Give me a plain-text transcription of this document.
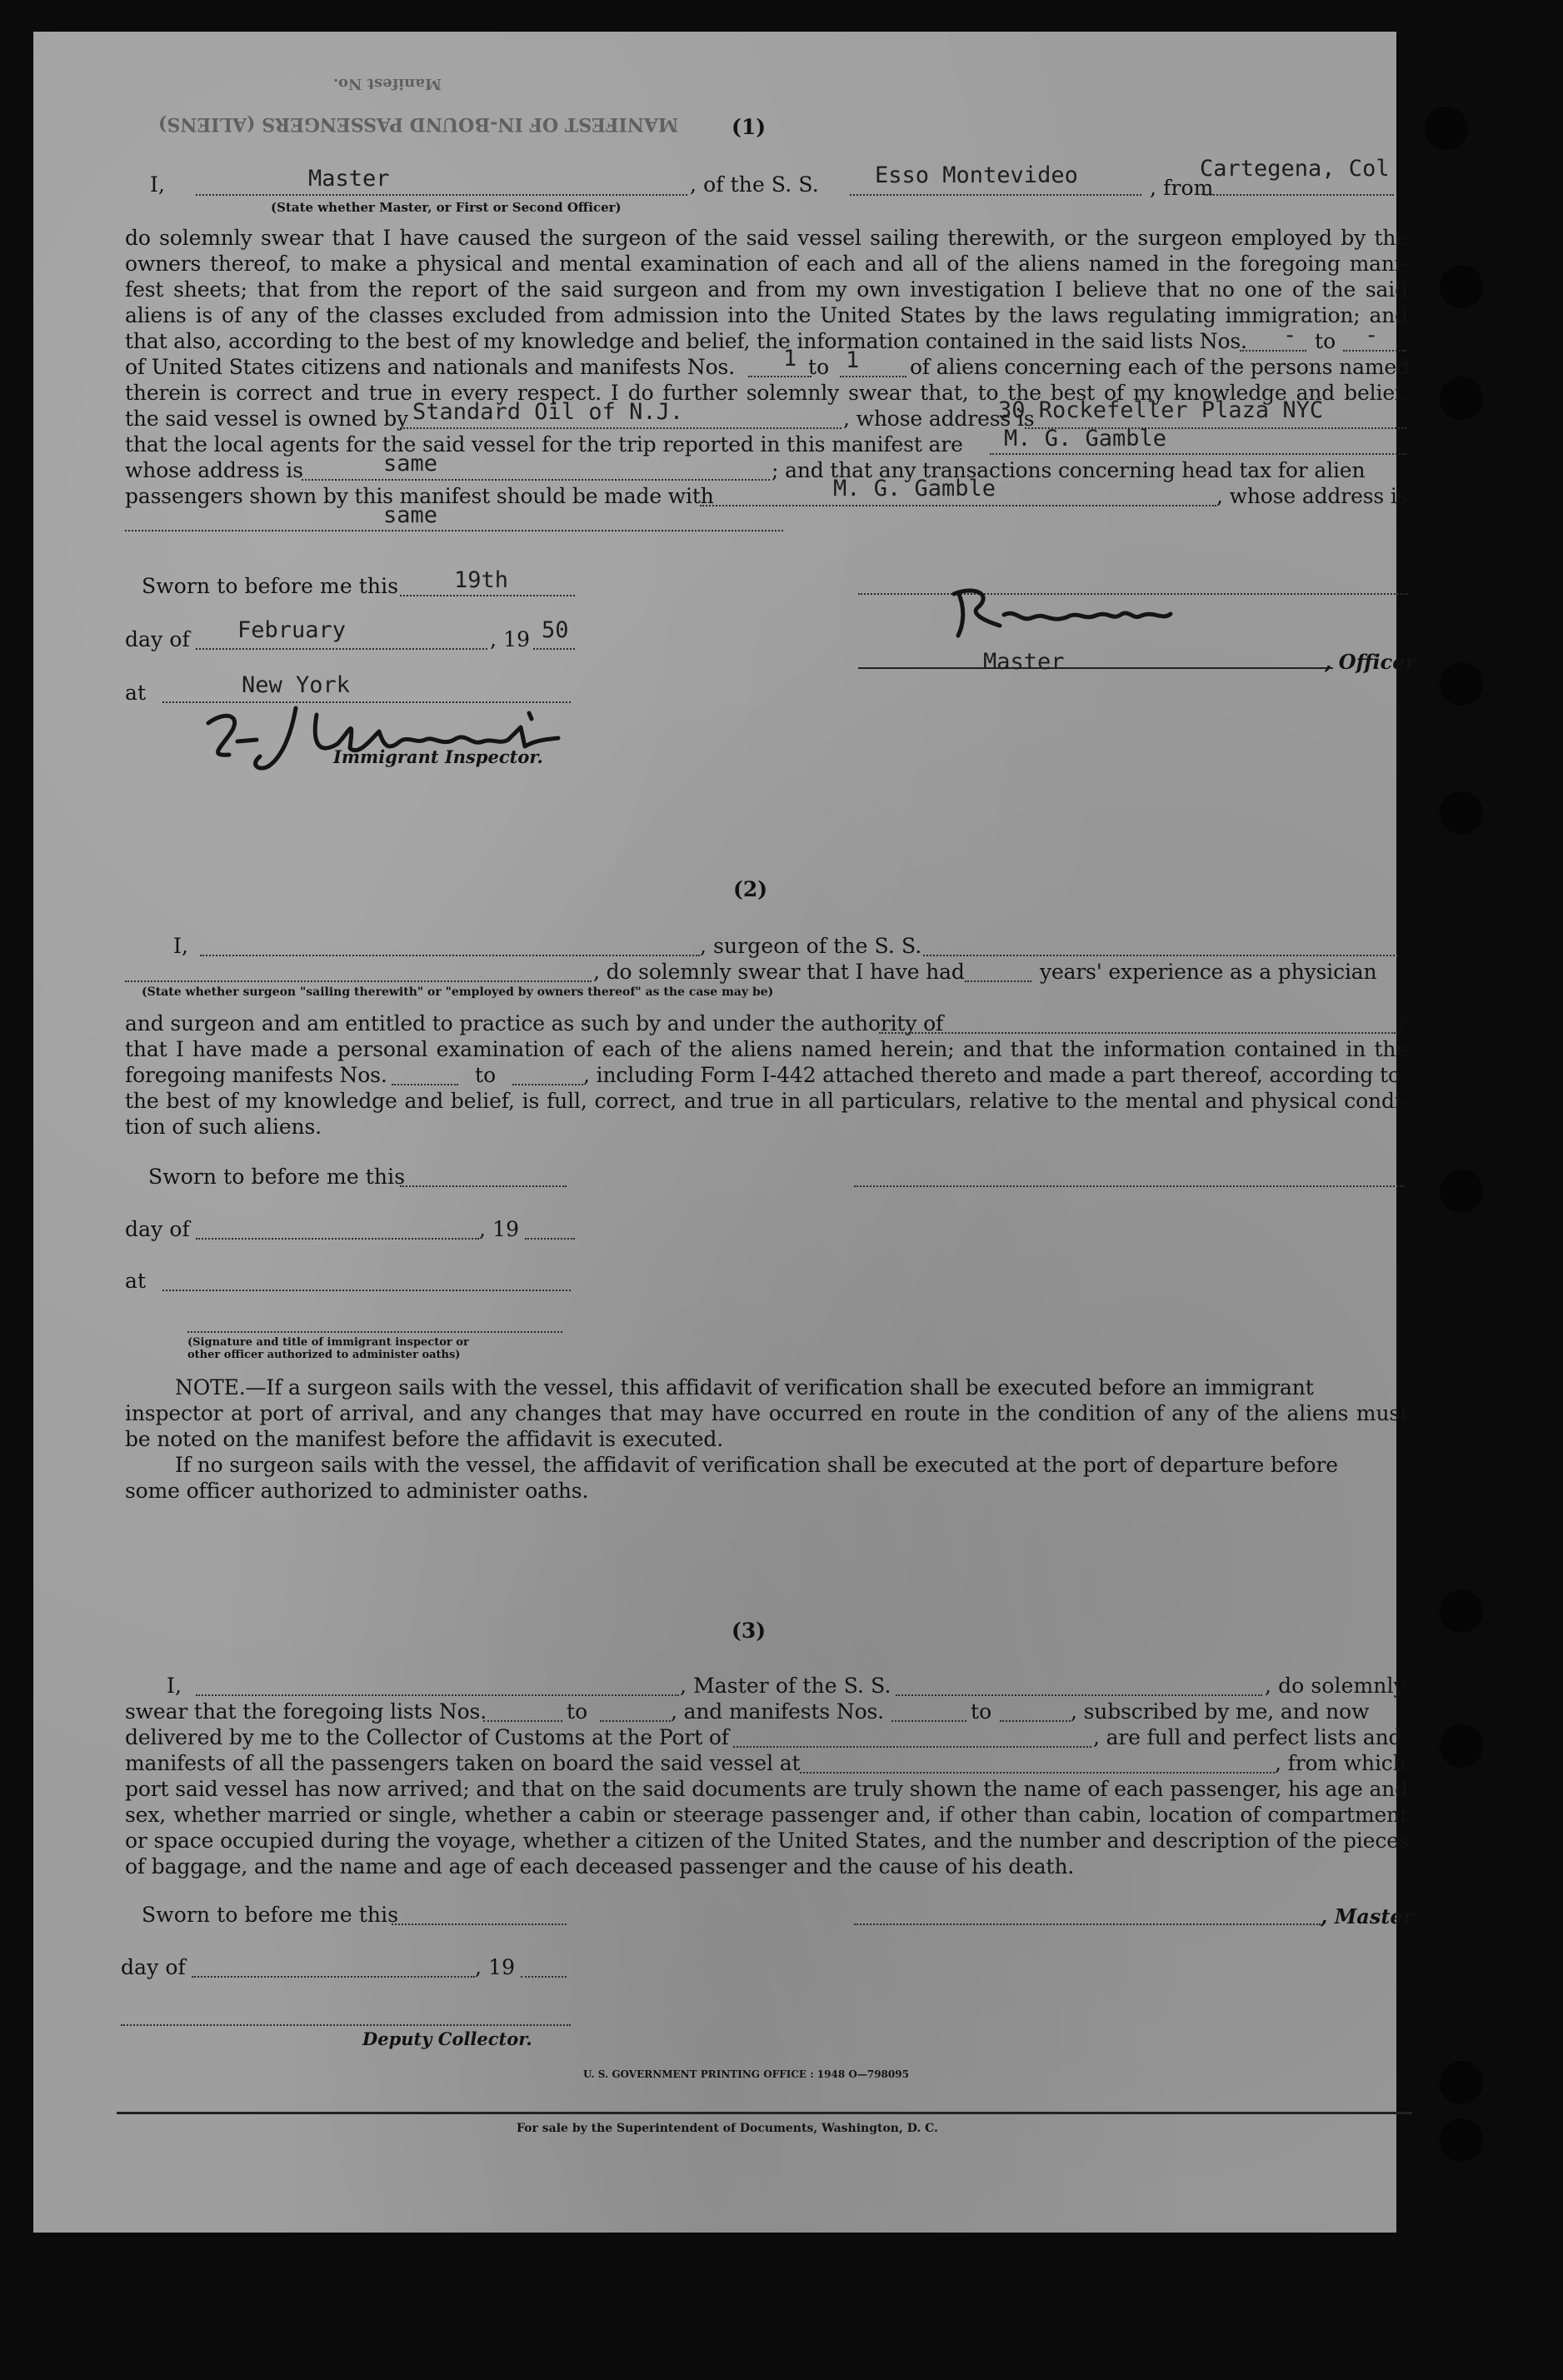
MANIFEST OF IN-BOUND PASSENGERS (ALIENS)
Manifest No.
(1)
I,	Master	, of the S. S. Esso Montevideo	, from
Cartegena, Col
(State whether Master, or First or Second Officer)
do solemnly swear that I have caused the surgeon of the said vessel sailing therewith, or the surgeon employed by the
owners thereof, to make a physical and mental examination of each and all of the aliens named in the foregoing mani-
fest sheets; that from the report of the said surgeon and from my own investigation I believe that no one of the said
aliens is of any of the classes excluded from admission into the United States by the laws regulating immigration; and
that also, according to the best of my knowledge and belief, the information contained in the said lists Nos. - to -
of United States citizens and nationals and manifests Nos. 1 to 1 of aliens concerning each of the persons named
therein is correct and true in every respect. I do further solemnly swear that, to the best of my knowledge and belief,
the said vessel is owned by Standard Oil of N.J.	, whose address is
30 Rockefeller Plaza NYC
that the local agents for the said vessel for the trip reported in this manifest are M. G. Gamble
whose address is	same	; and that any transactions concerning head tax for alien
passengers shown by this manifest should be made with	M. G. Gamble	, whose address is
same
Sworn to before me this 19th
day of February	, 19 50
at	New York
Immigrant Inspector.
Master	, Officer
(2)
I,	, surgeon of the S. S.	,
, do solemnly swear that I have had	years' experience as a physician
(State whether surgeon "sailing therewith" or "employed by owners thereof" as the case may be)
and surgeon and am entitled to practice as such by and under the authority of	;
that I have made a personal examination of each of the aliens named herein; and that the information contained in the
foregoing manifests Nos.	to	, including Form I-442 attached thereto and made a part thereof, according to
the best of my knowledge and belief, is full, correct, and true in all particulars, relative to the mental and physical condi-
tion of such aliens.
Sworn to before me this
day of	, 19
at
(Signature and title of immigrant inspector or
other officer authorized to administer oaths)
NOTE.—If a surgeon sails with the vessel, this affidavit of verification shall be executed before an immigrant
inspector at port of arrival, and any changes that may have occurred en route in the condition of any of the aliens must
be noted on the manifest before the affidavit is executed.
If no surgeon sails with the vessel, the affidavit of verification shall be executed at the port of departure before
some officer authorized to administer oaths.
(3)
I,	, Master of the S. S.	, do solemnly
swear that the foregoing lists Nos.	to	, and manifests Nos.	to	, subscribed by me, and now
delivered by me to the Collector of Customs at the Port of	, are full and perfect lists and
manifests of all the passengers taken on board the said vessel at	, from which
port said vessel has now arrived; and that on the said documents are truly shown the name of each passenger, his age and
sex, whether married or single, whether a cabin or steerage passenger and, if other than cabin, location of compartment
or space occupied during the voyage, whether a citizen of the United States, and the number and description of the pieces
of baggage, and the name and age of each deceased passenger and the cause of his death.
Sworn to before me this	, Master
day of	, 19
Deputy Collector.
U. S. GOVERNMENT PRINTING OFFICE : 1948 O—798095
For sale by the Superintendent of Documents, Washington, D. C.
